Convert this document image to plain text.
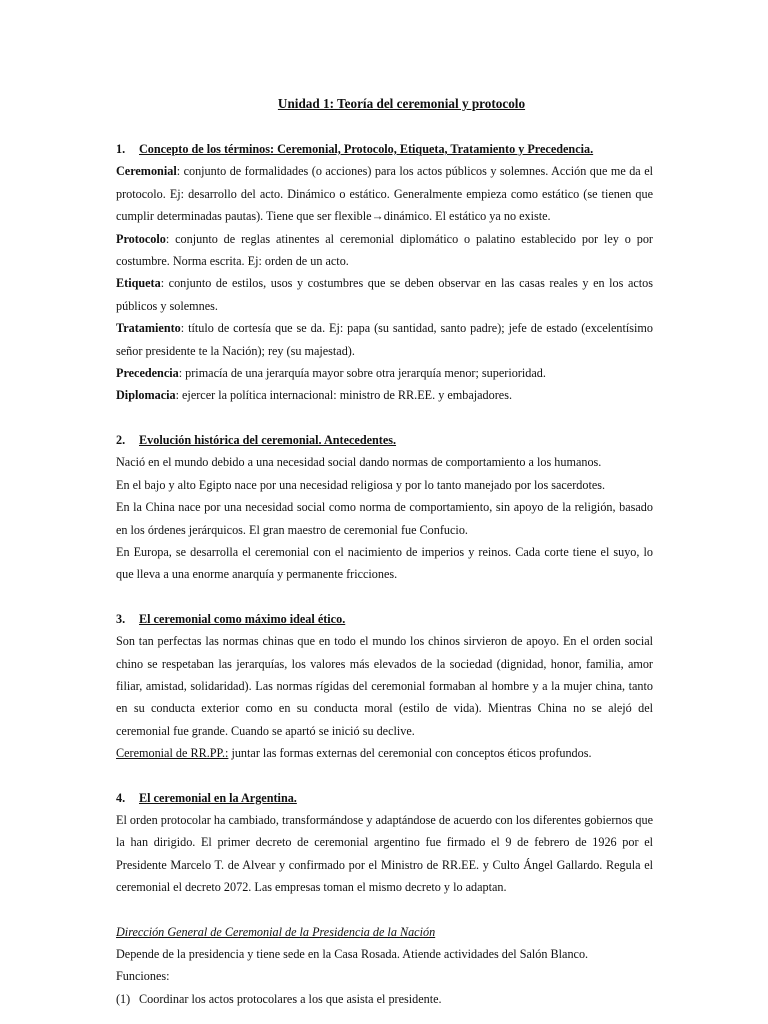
Unidad 1: Teoría del ceremonial y protocolo

1. Concepto de los términos: Ceremonial, Protocolo, Etiqueta, Tratamiento y Precedencia.

Ceremonial: conjunto de formalidades (o acciones) para los actos públicos y solemnes. Acción que me da el protocolo. Ej: desarrollo del acto. Dinámico o estático. Generalmente empieza como estático (se tienen que cumplir determinadas pautas). Tiene que ser flexible→dinámico. El estático ya no existe.

Protocolo: conjunto de reglas atinentes al ceremonial diplomático o palatino establecido por ley o por costumbre. Norma escrita. Ej: orden de un acto.

Etiqueta: conjunto de estilos, usos y costumbres que se deben observar en las casas reales y en los actos públicos y solemnes.

Tratamiento: título de cortesía que se da. Ej: papa (su santidad, santo padre); jefe de estado (excelentísimo señor presidente te la Nación); rey (su majestad).

Precedencia: primacía de una jerarquía mayor sobre otra jerarquía menor; superioridad.

Diplomacia: ejercer la política internacional: ministro de RR.EE. y embajadores.

2. Evolución histórica del ceremonial. Antecedentes.

Nació en el mundo debido a una necesidad social dando normas de comportamiento a los humanos.

En el bajo y alto Egipto nace por una necesidad religiosa y por lo tanto manejado por los sacerdotes.

En la China nace por una necesidad social como norma de comportamiento, sin apoyo de la religión, basado en los órdenes jerárquicos. El gran maestro de ceremonial fue Confucio.

En Europa, se desarrolla el ceremonial con el nacimiento de imperios y reinos. Cada corte tiene el suyo, lo que lleva a una enorme anarquía y permanente fricciones.

3. El ceremonial como máximo ideal ético.

Son tan perfectas las normas chinas que en todo el mundo los chinos sirvieron de apoyo. En el orden social chino se respetaban las jerarquías, los valores más elevados de la sociedad (dignidad, honor, familia, amor filiar, amistad, solidaridad). Las normas rígidas del ceremonial formaban al hombre y a la mujer china, tanto en su conducta exterior como en su conducta moral (estilo de vida). Mientras China no se alejó del ceremonial fue grande. Cuando se apartó se inició su declive.

Ceremonial de RR.PP.: juntar las formas externas del ceremonial con conceptos éticos profundos.

4. El ceremonial en la Argentina.

El orden protocolar ha cambiado, transformándose y adaptándose de acuerdo con los diferentes gobiernos que la han dirigido. El primer decreto de ceremonial argentino fue firmado el 9 de febrero de 1926 por el Presidente Marcelo T. de Alvear y confirmado por el Ministro de RR.EE. y Culto Ángel Gallardo. Regula el ceremonial el decreto 2072. Las empresas toman el mismo decreto y lo adaptan.

Dirección General de Ceremonial de la Presidencia de la Nación

Depende de la presidencia y tiene sede en la Casa Rosada. Atiende actividades del Salón Blanco.

Funciones:

(1) Coordinar los actos protocolares a los que asista el presidente.
